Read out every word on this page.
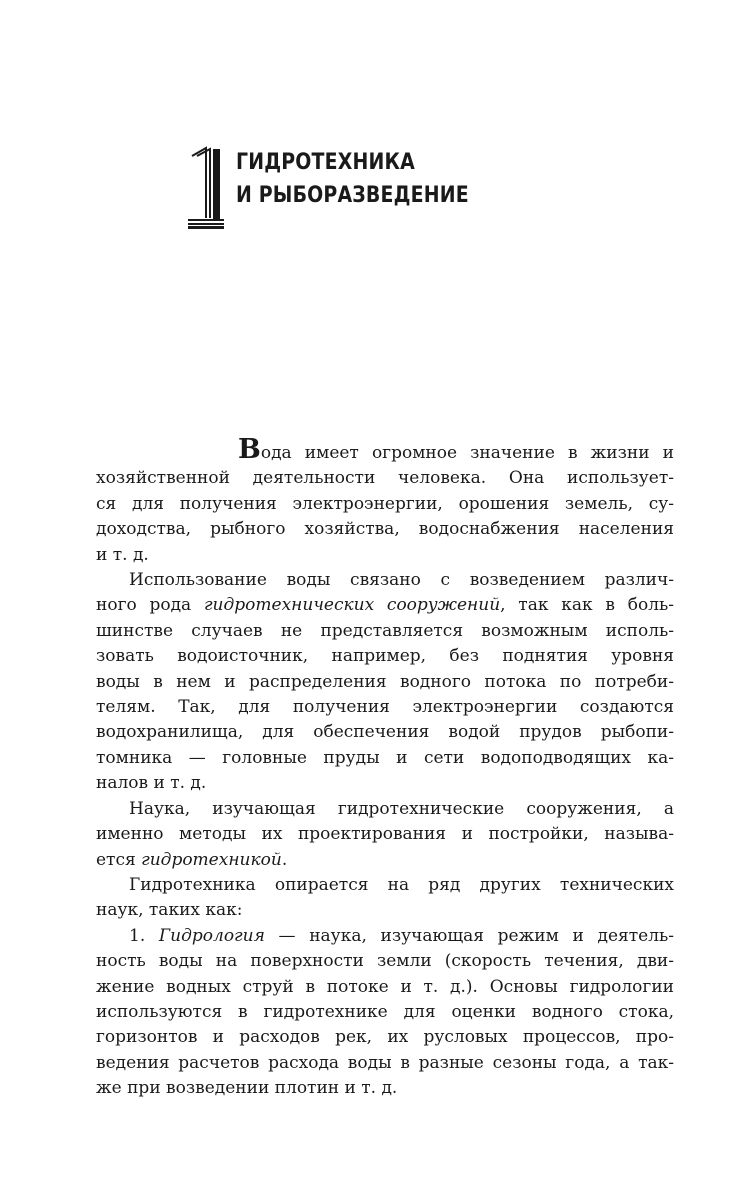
1
ГИДРОТЕХНИКА
И РЫБОРАЗВЕДЕНИЕ

Вода имеет огромное значение в жизни и

хозяйственной деятельности человека. Она использует-
ся для получения электроэнергии, орошения земель, су-
доходства, рыбного хозяйства, водоснабжения населения
и т. д.

Использование воды связано с возведением различ-
ного рода гидротехнических сооружений, так как в боль-
шинстве случаев не представляется возможным исполь-
зовать водоисточник, например, без поднятия уровня
воды в нем и распределения водного потока по потреби-
телям. Так, для получения электроэнергии создаются
водохранилища, для обеспечения водой прудов рыбопи-
томника — головные пруды и сети водоподводящих ка-
налов и т. д.

Наука, изучающая гидротехнические сооружения, а
именно методы их проектирования и постройки, называ-
ется гидротехникой.

Гидротехника опирается на ряд других технических
наук, таких как:

1. Гидрология — наука, изучающая режим и деятель-
ность воды на поверхности земли (скорость течения, дви-
жение водных струй в потоке и т. д.). Основы гидрологии
используются в гидротехнике для оценки водного стока,
горизонтов и расходов рек, их русловых процессов, про-
ведения расчетов расхода воды в разные сезоны года, а так-
же при возведении плотин и т. д.
